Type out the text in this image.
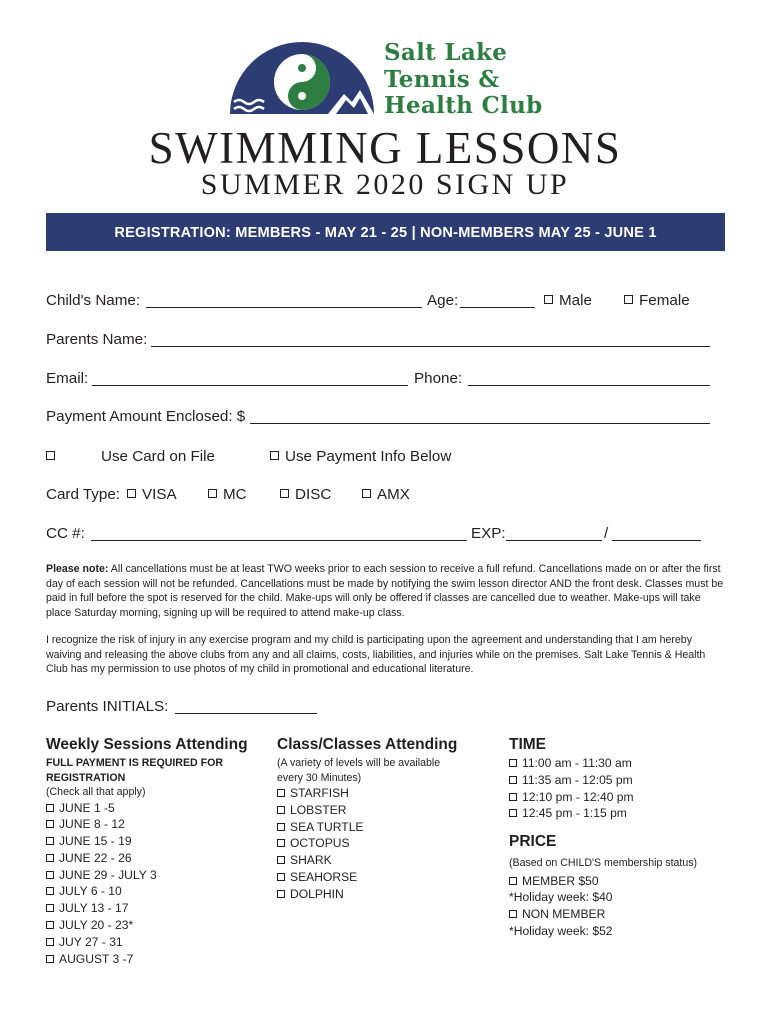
Salt Lake
Tennis &
Health Club
SWIMMING LESSONS
SUMMER 2020 SIGN UP
REGISTRATION: MEMBERS - MAY 21 - 25 | NON-MEMBERS MAY 25 - JUNE 1
Child's Name:	Age:	Male	Female
Parents Name:
Email:	Phone:
Payment Amount Enclosed: $
Use Card on File	Use Payment Info Below
Card Type:	VISA	MC	DISC	AMX
CC #:	EXP:	/
Please note: All cancellations must be at least TWO weeks prior to each session to receive a full refund. Cancellations made on or after the first day of each session will not be refunded. Cancellations must be made by notifying the swim lesson director AND the front desk. Classes must be paid in full before the spot is reserved for the child. Make-ups will only be offered if classes are cancelled due to weather. Make-ups will take place Saturday morning, signing up will be required to attend make-up class.
I recognize the risk of injury in any exercise program and my child is participating upon the agreement and understanding that I am hereby waiving and releasing the above clubs from any and all claims, costs, liabilities, and injuries while on the premises. Salt Lake Tennis & Health Club has my permission to use photos of my child in promotional and educational literature.
Parents INITIALS:
Weekly Sessions Attending
FULL PAYMENT IS REQUIRED FOR
REGISTRATION
(Check all that apply)
JUNE 1 -5
JUNE 8 - 12
JUNE 15 - 19
JUNE 22 - 26
JUNE 29 - JULY 3
JULY 6 - 10
JULY 13 - 17
JULY 20 - 23*
JUY 27 - 31
AUGUST 3 -7
Class/Classes Attending
(A variety of levels will be available
every 30 Minutes)
STARFISH
LOBSTER
SEA TURTLE
OCTOPUS
SHARK
SEAHORSE
DOLPHIN
TIME
11:00 am - 11:30 am
11:35 am - 12:05 pm
12:10 pm - 12:40 pm
12:45 pm - 1:15 pm
PRICE
(Based on CHILD'S membership status)
MEMBER $50
*Holiday week: $40
NON MEMBER
*Holiday week: $52
